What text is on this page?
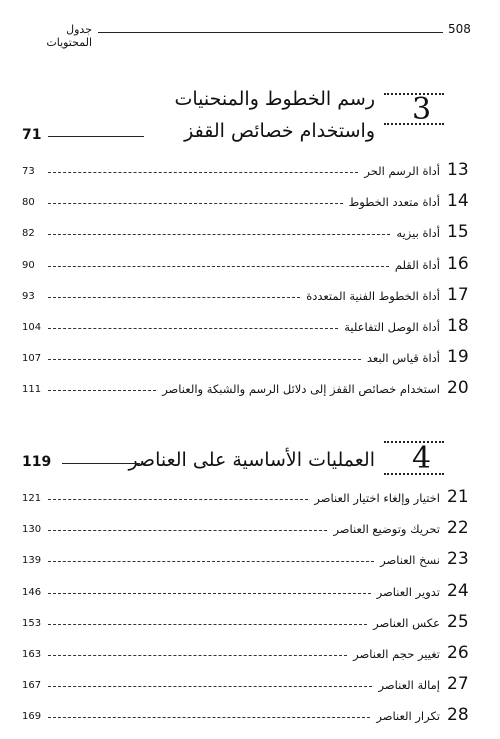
508
جدول المحتويات
3
رسم الخطوط والمنحنيات
واستخدام خصائص القفز
71
13
أداة الرسم الحر
73
14
أداة متعدد الخطوط
80
15
أداة بيزيه
82
16
أداة القلم
90
17
أداة الخطوط الفنية المتعددة
93
18
أداة الوصل التفاعلية
104
19
أداة قياس البعد
107
20
استخدام خصائص القفز إلى دلائل الرسم والشبكة والعناصر
111
4
العمليات الأساسية على العناصر
119
21
اختيار وإلغاء اختيار العناصر
121
22
تحريك وتوضيع العناصر
130
23
نسخ العناصر
139
24
تدوير العناصر
146
25
عكس العناصر
153
26
تغيير حجم العناصر
163
27
إمالة العناصر
167
28
تكرار العناصر
169
